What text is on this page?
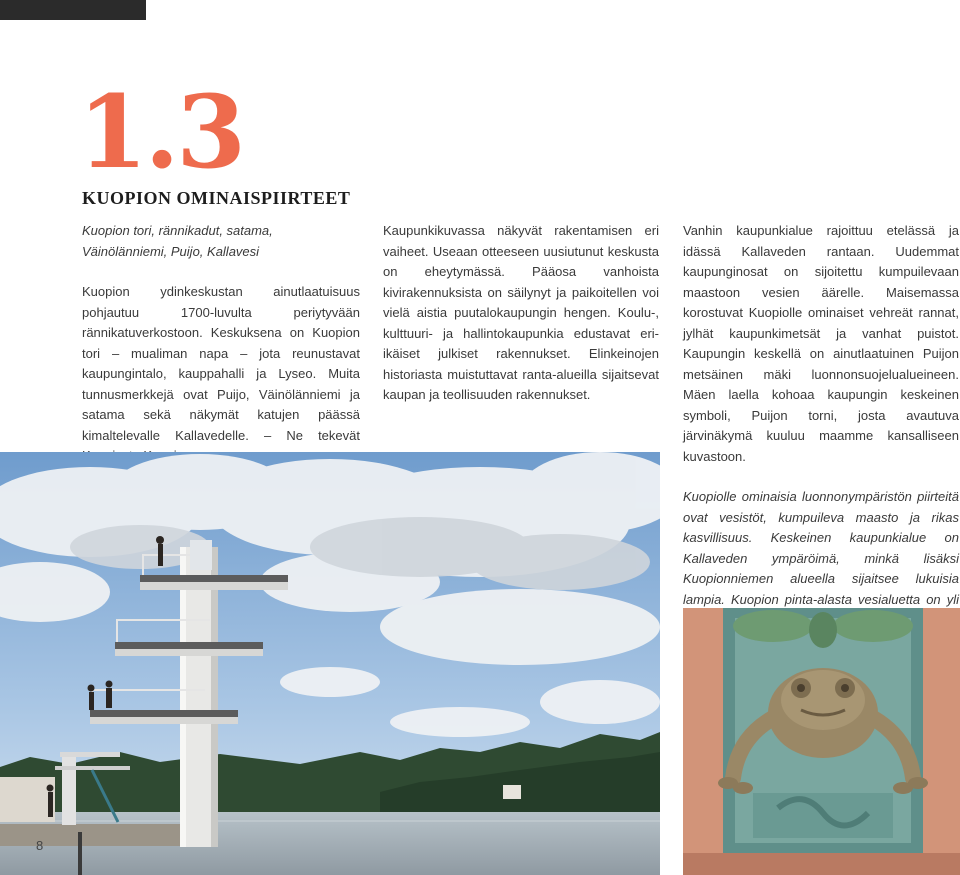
1.3
KUOPION OMINAISPIIRTEET

Kuopion tori, rännikadut, satama, Väinölänniemi, Puijo, Kallavesi

Kuopion ydinkeskustan ainutlaatuisuus pohjautuu 1700-luvulta periytyvään rännikatuverkostoon. Keskuksena on Kuopion tori – mualiman napa – jota reunustavat kaupungintalo, kauppahalli ja Lyseo. Muita tunnusmerkkejä ovat Puijo, Väinölänniemi ja satama sekä näkymät katujen päässä kimaltelevalle Kallavedelle. – Ne tekevät

Kaupunkikuvassa näkyvät rakentamisen eri vaiheet. Useaan otteeseen uusiutunut keskusta on eheytymässä. Pääosa vanhoista kivirakennuksista on säilynyt ja paikoitellen voi vielä aistia puutalokaupungin hengen. Koulu-, kulttuuri- ja hallintokaupunkia edustavat eri-ikäiset julkiset rakennukset. Elinkeinojen historiasta muistuttavat ranta-alueilla sijaitsevat kaupan ja teollisuuden rakennukset.

Vanhin kaupunkialue rajoittuu etelässä ja idässä Kallaveden rantaan. Uudemmat kaupunginosat on sijoitettu kumpuilevaan maastoon vesien äärelle. Maisemassa korostuvat Kuopiolle ominaiset vehreät rannat, jylhät kaupunkimetsät ja vanhat puistot. Kaupungin keskellä on ainutlaatuinen Puijon metsäinen mäki luonnonsuojelualueineen. Mäen laella kohoaa kaupungin keskeinen symboli, Puijon torni, josta avautuva järvinäkymä kuuluu maamme kansalliseen kuvastoon.

Kuopiolle ominaisia luonnonympäristön piirteitä ovat vesistöt, kumpuileva maasto ja rikas kasvillisuus. Keskeinen kaupunkialue on Kallaveden ympäröimä, minkä lisäksi Kuopionniemen alueella sijaitsee lukuisia lampia. Kuopion pinta-alasta vesialuetta on yli

8
